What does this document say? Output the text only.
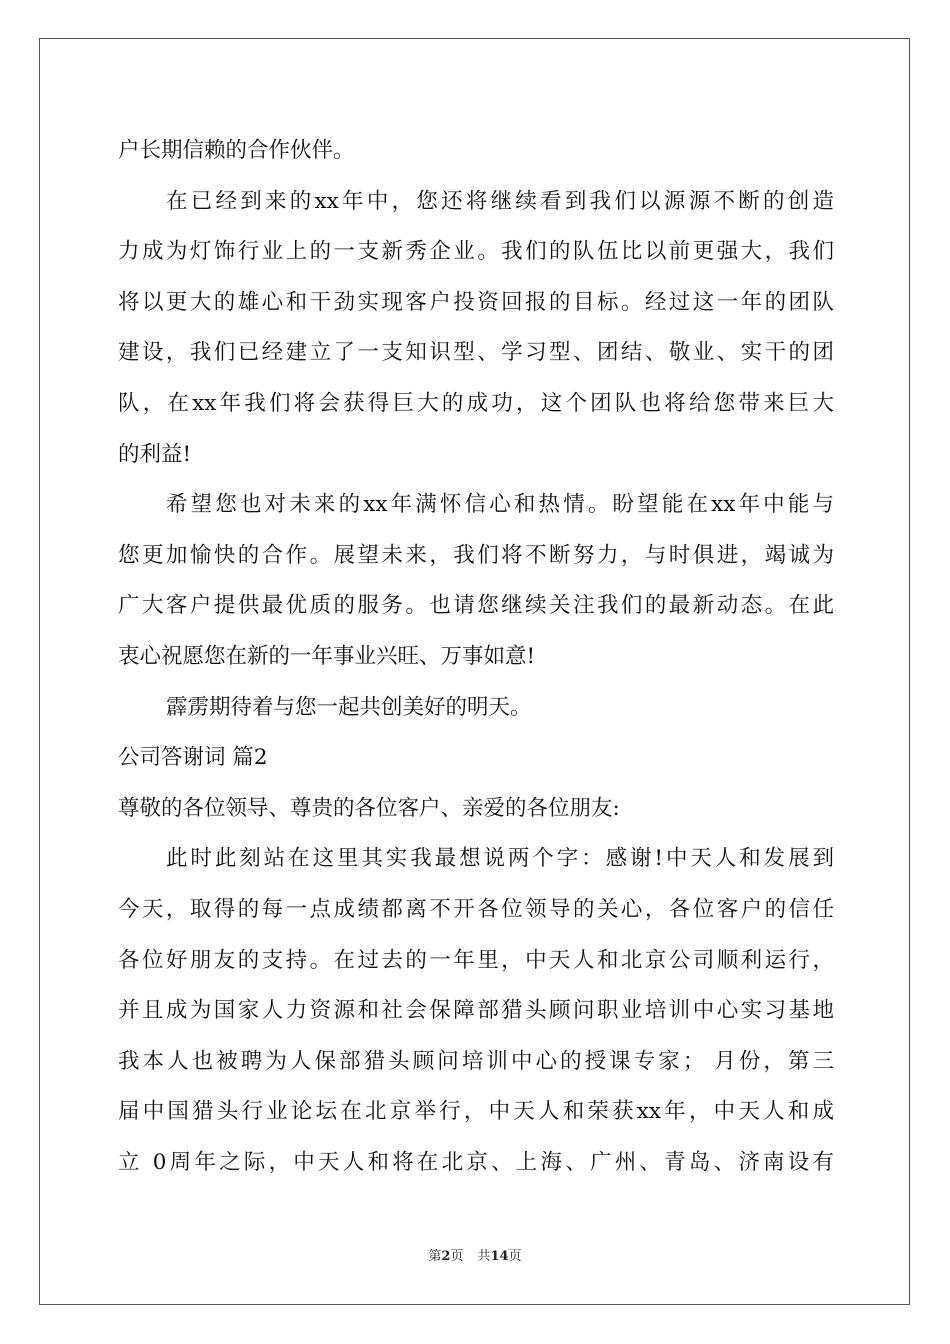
户长期信赖的合作伙伴。
在已经到来的xx年中，您还将继续看到我们以源源不断的创造
力成为灯饰行业上的一支新秀企业。我们的队伍比以前更强大，我们
将以更大的雄心和干劲实现客户投资回报的目标。经过这一年的团队
建设，我们已经建立了一支知识型、学习型、团结、敬业、实干的团
队，在xx年我们将会获得巨大的成功，这个团队也将给您带来巨大
的利益!
希望您也对未来的xx年满怀信心和热情。盼望能在xx年中能与
您更加愉快的合作。展望未来，我们将不断努力，与时俱进，竭诚为
广大客户提供最优质的服务。也请您继续关注我们的最新动态。在此
衷心祝愿您在新的一年事业兴旺、万事如意!
霹雳期待着与您一起共创美好的明天。
公司答谢词 篇2
尊敬的各位领导、尊贵的各位客户、亲爱的各位朋友:
此时此刻站在这里其实我最想说两个字：感谢!中天人和发展到
今天，取得的每一点成绩都离不开各位领导的关心，各位客户的信任
各位好朋友的支持。在过去的一年里，中天人和北京公司顺利运行，
并且成为国家人力资源和社会保障部猎头顾问职业培训中心实习基地
我本人也被聘为人保部猎头顾问培训中心的授课专家； 月份，第三
届中国猎头行业论坛在北京举行，中天人和荣获xx年，中天人和成
立 0周年之际，中天人和将在北京、上海、广州、青岛、济南设有
第2页 共14页
